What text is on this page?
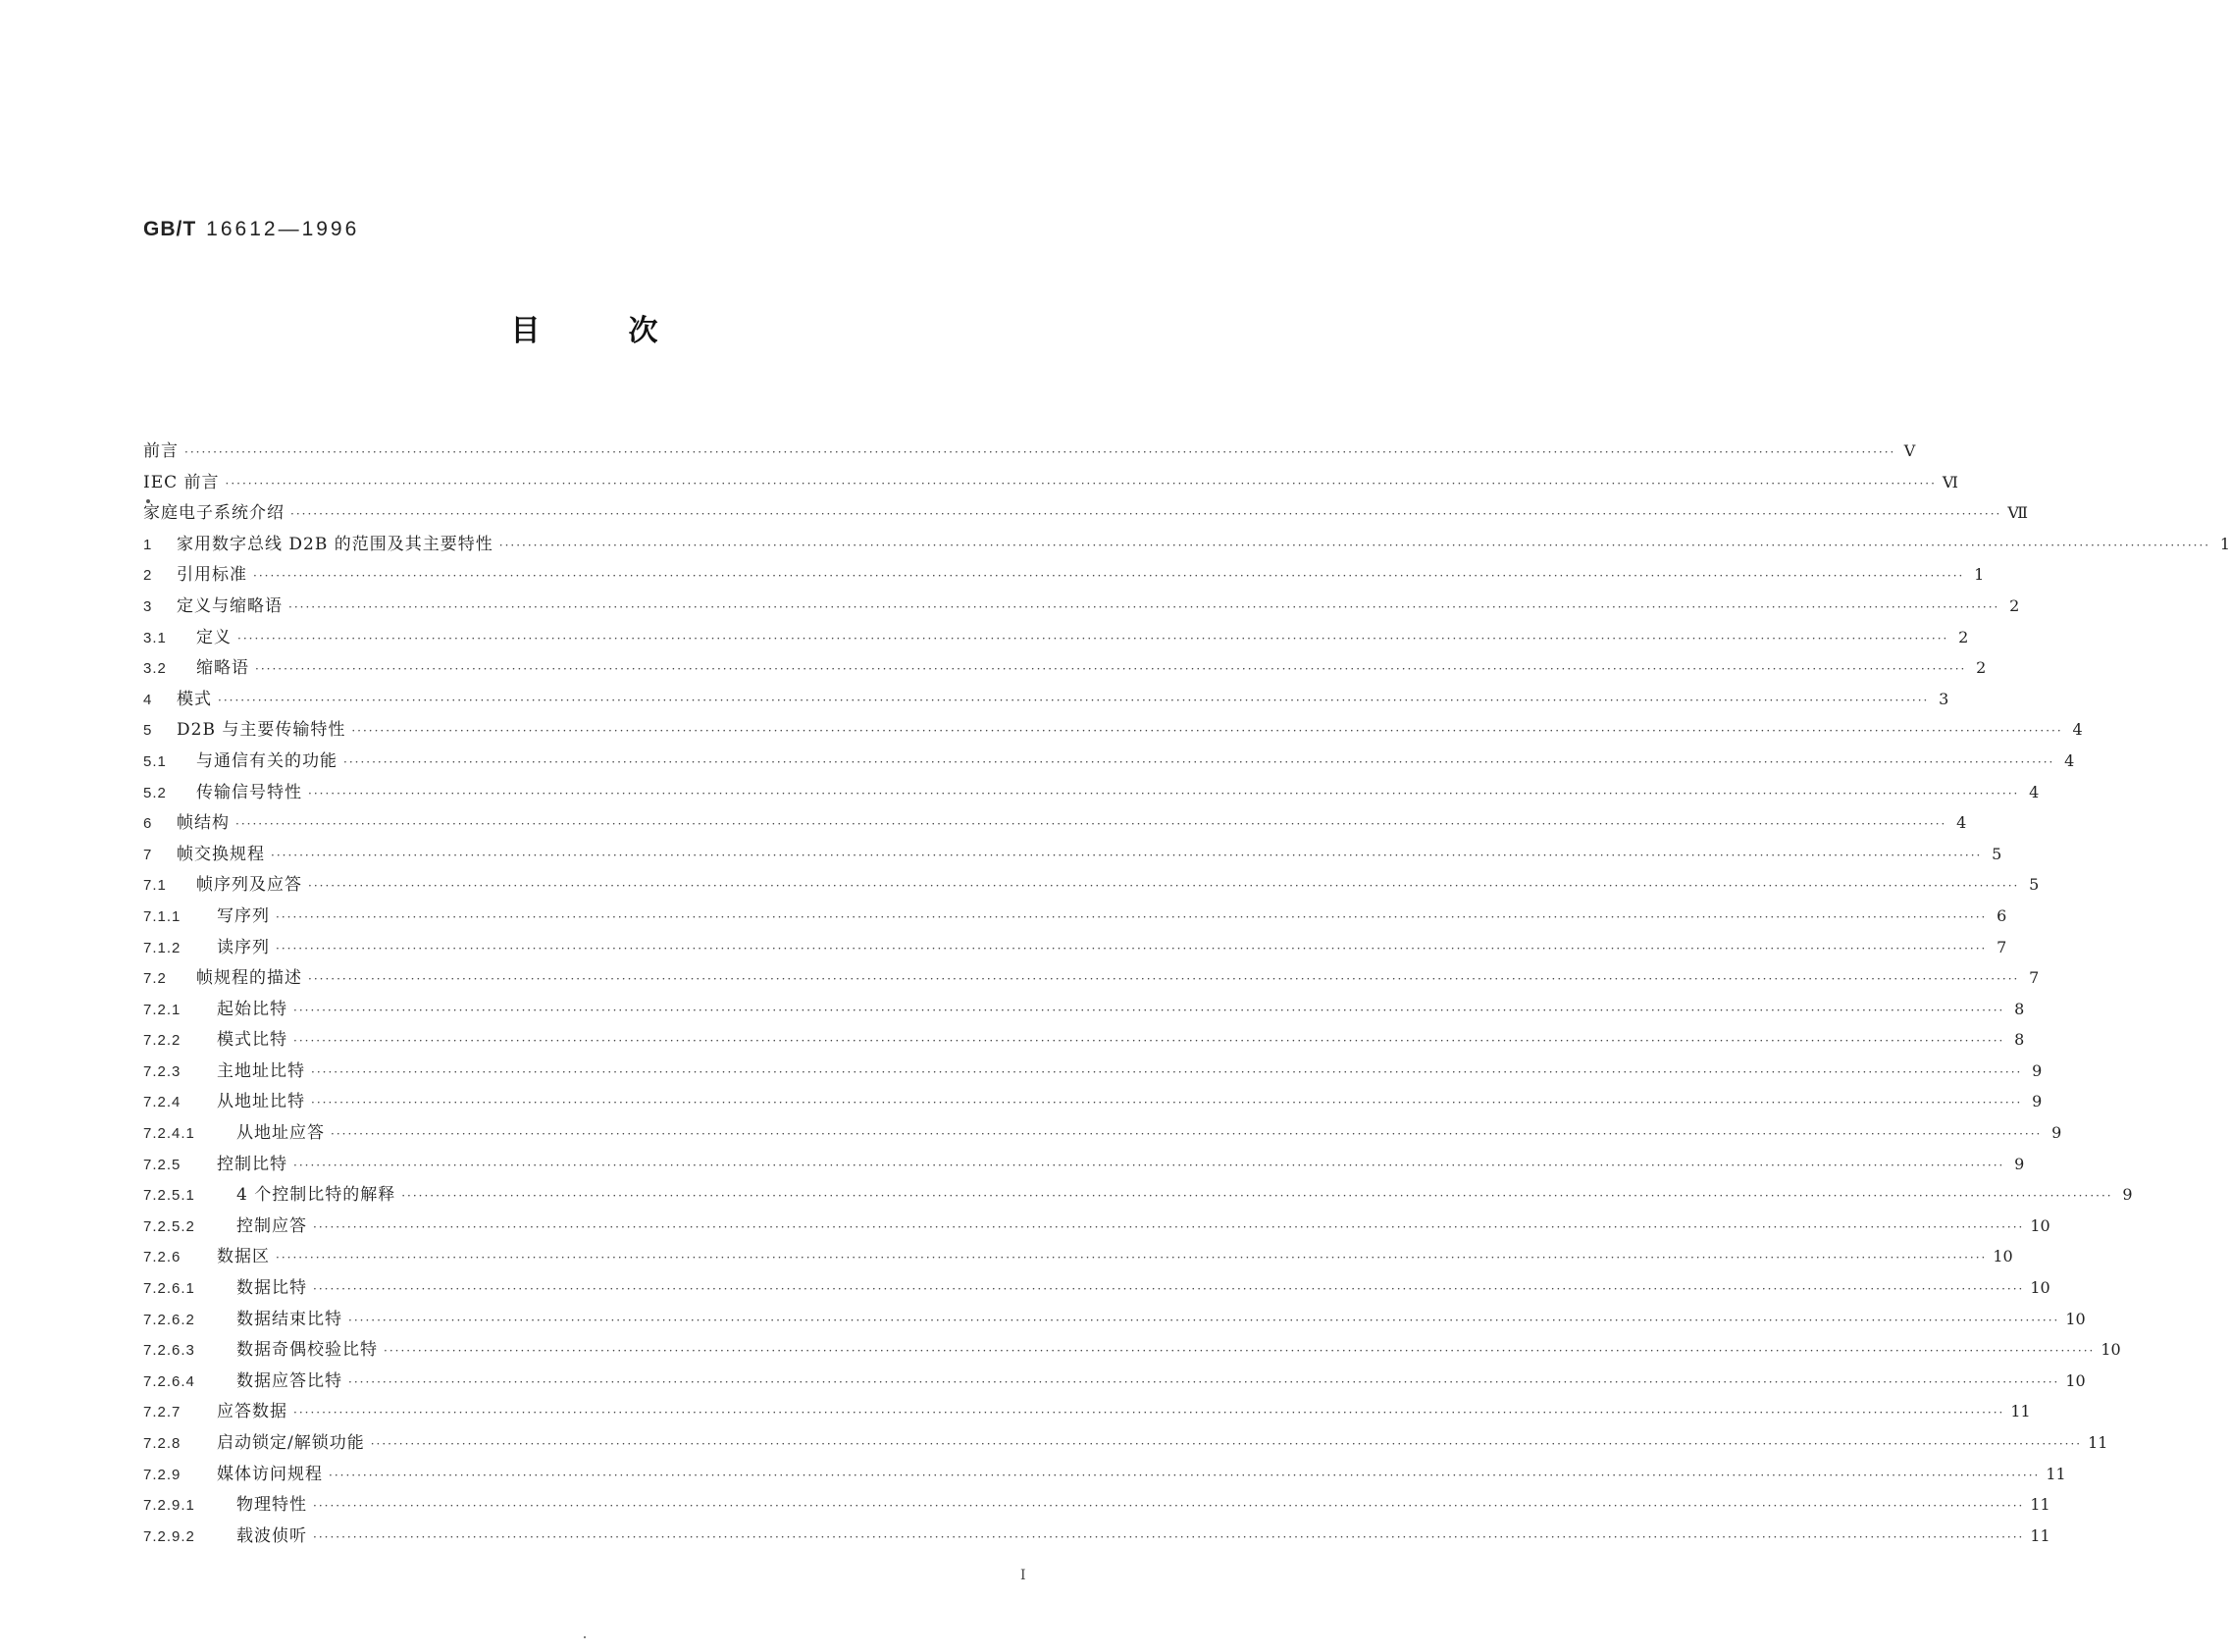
GB/T 16612—1996
目次
前言 ············································································································································································································································································································ Ⅴ
IEC 前言 ············································································································································································································································································································ Ⅵ
家庭电子系统介绍 ············································································································································································································································································································ Ⅶ
1	家用数字总线 D2B 的范围及其主要特性 ············································································································································································································································································································ 1
2	引用标准 ············································································································································································································································································································ 1
3	定义与缩略语 ············································································································································································································································································································ 2
3.1	定义 ············································································································································································································································································································ 2
3.2	缩略语 ············································································································································································································································································································ 2
4	模式 ············································································································································································································································································································ 3
5	D2B 与主要传输特性 ············································································································································································································································································································ 4
5.1	与通信有关的功能 ············································································································································································································································································································ 4
5.2	传输信号特性 ············································································································································································································································································································ 4
6	帧结构 ············································································································································································································································································································ 4
7	帧交换规程 ············································································································································································································································································································ 5
7.1	帧序列及应答 ············································································································································································································································································································ 5
7.1.1	写序列 ············································································································································································································································································································ 6
7.1.2	读序列 ············································································································································································································································································································ 7
7.2	帧规程的描述 ············································································································································································································································································································ 7
7.2.1	起始比特 ············································································································································································································································································································ 8
7.2.2	模式比特 ············································································································································································································································································································ 8
7.2.3	主地址比特 ············································································································································································································································································································ 9
7.2.4	从地址比特 ············································································································································································································································································································ 9
7.2.4.1	从地址应答 ············································································································································································································································································································ 9
7.2.5	控制比特 ············································································································································································································································································································ 9
7.2.5.1	4 个控制比特的解释 ············································································································································································································································································································ 9
7.2.5.2	控制应答 ············································································································································································································································································································ 10
7.2.6	数据区 ············································································································································································································································································································ 10
7.2.6.1	数据比特 ············································································································································································································································································································ 10
7.2.6.2	数据结束比特 ············································································································································································································································································································ 10
7.2.6.3	数据奇偶校验比特 ············································································································································································································································································································ 10
7.2.6.4	数据应答比特 ············································································································································································································································································································ 10
7.2.7	应答数据 ············································································································································································································································································································ 11
7.2.8	启动锁定/解锁功能 ············································································································································································································································································································ 11
7.2.9	媒体访问规程 ············································································································································································································································································································ 11
7.2.9.1	物理特性 ············································································································································································································································································································ 11
7.2.9.2	载波侦听 ············································································································································································································································································································ 11
I
